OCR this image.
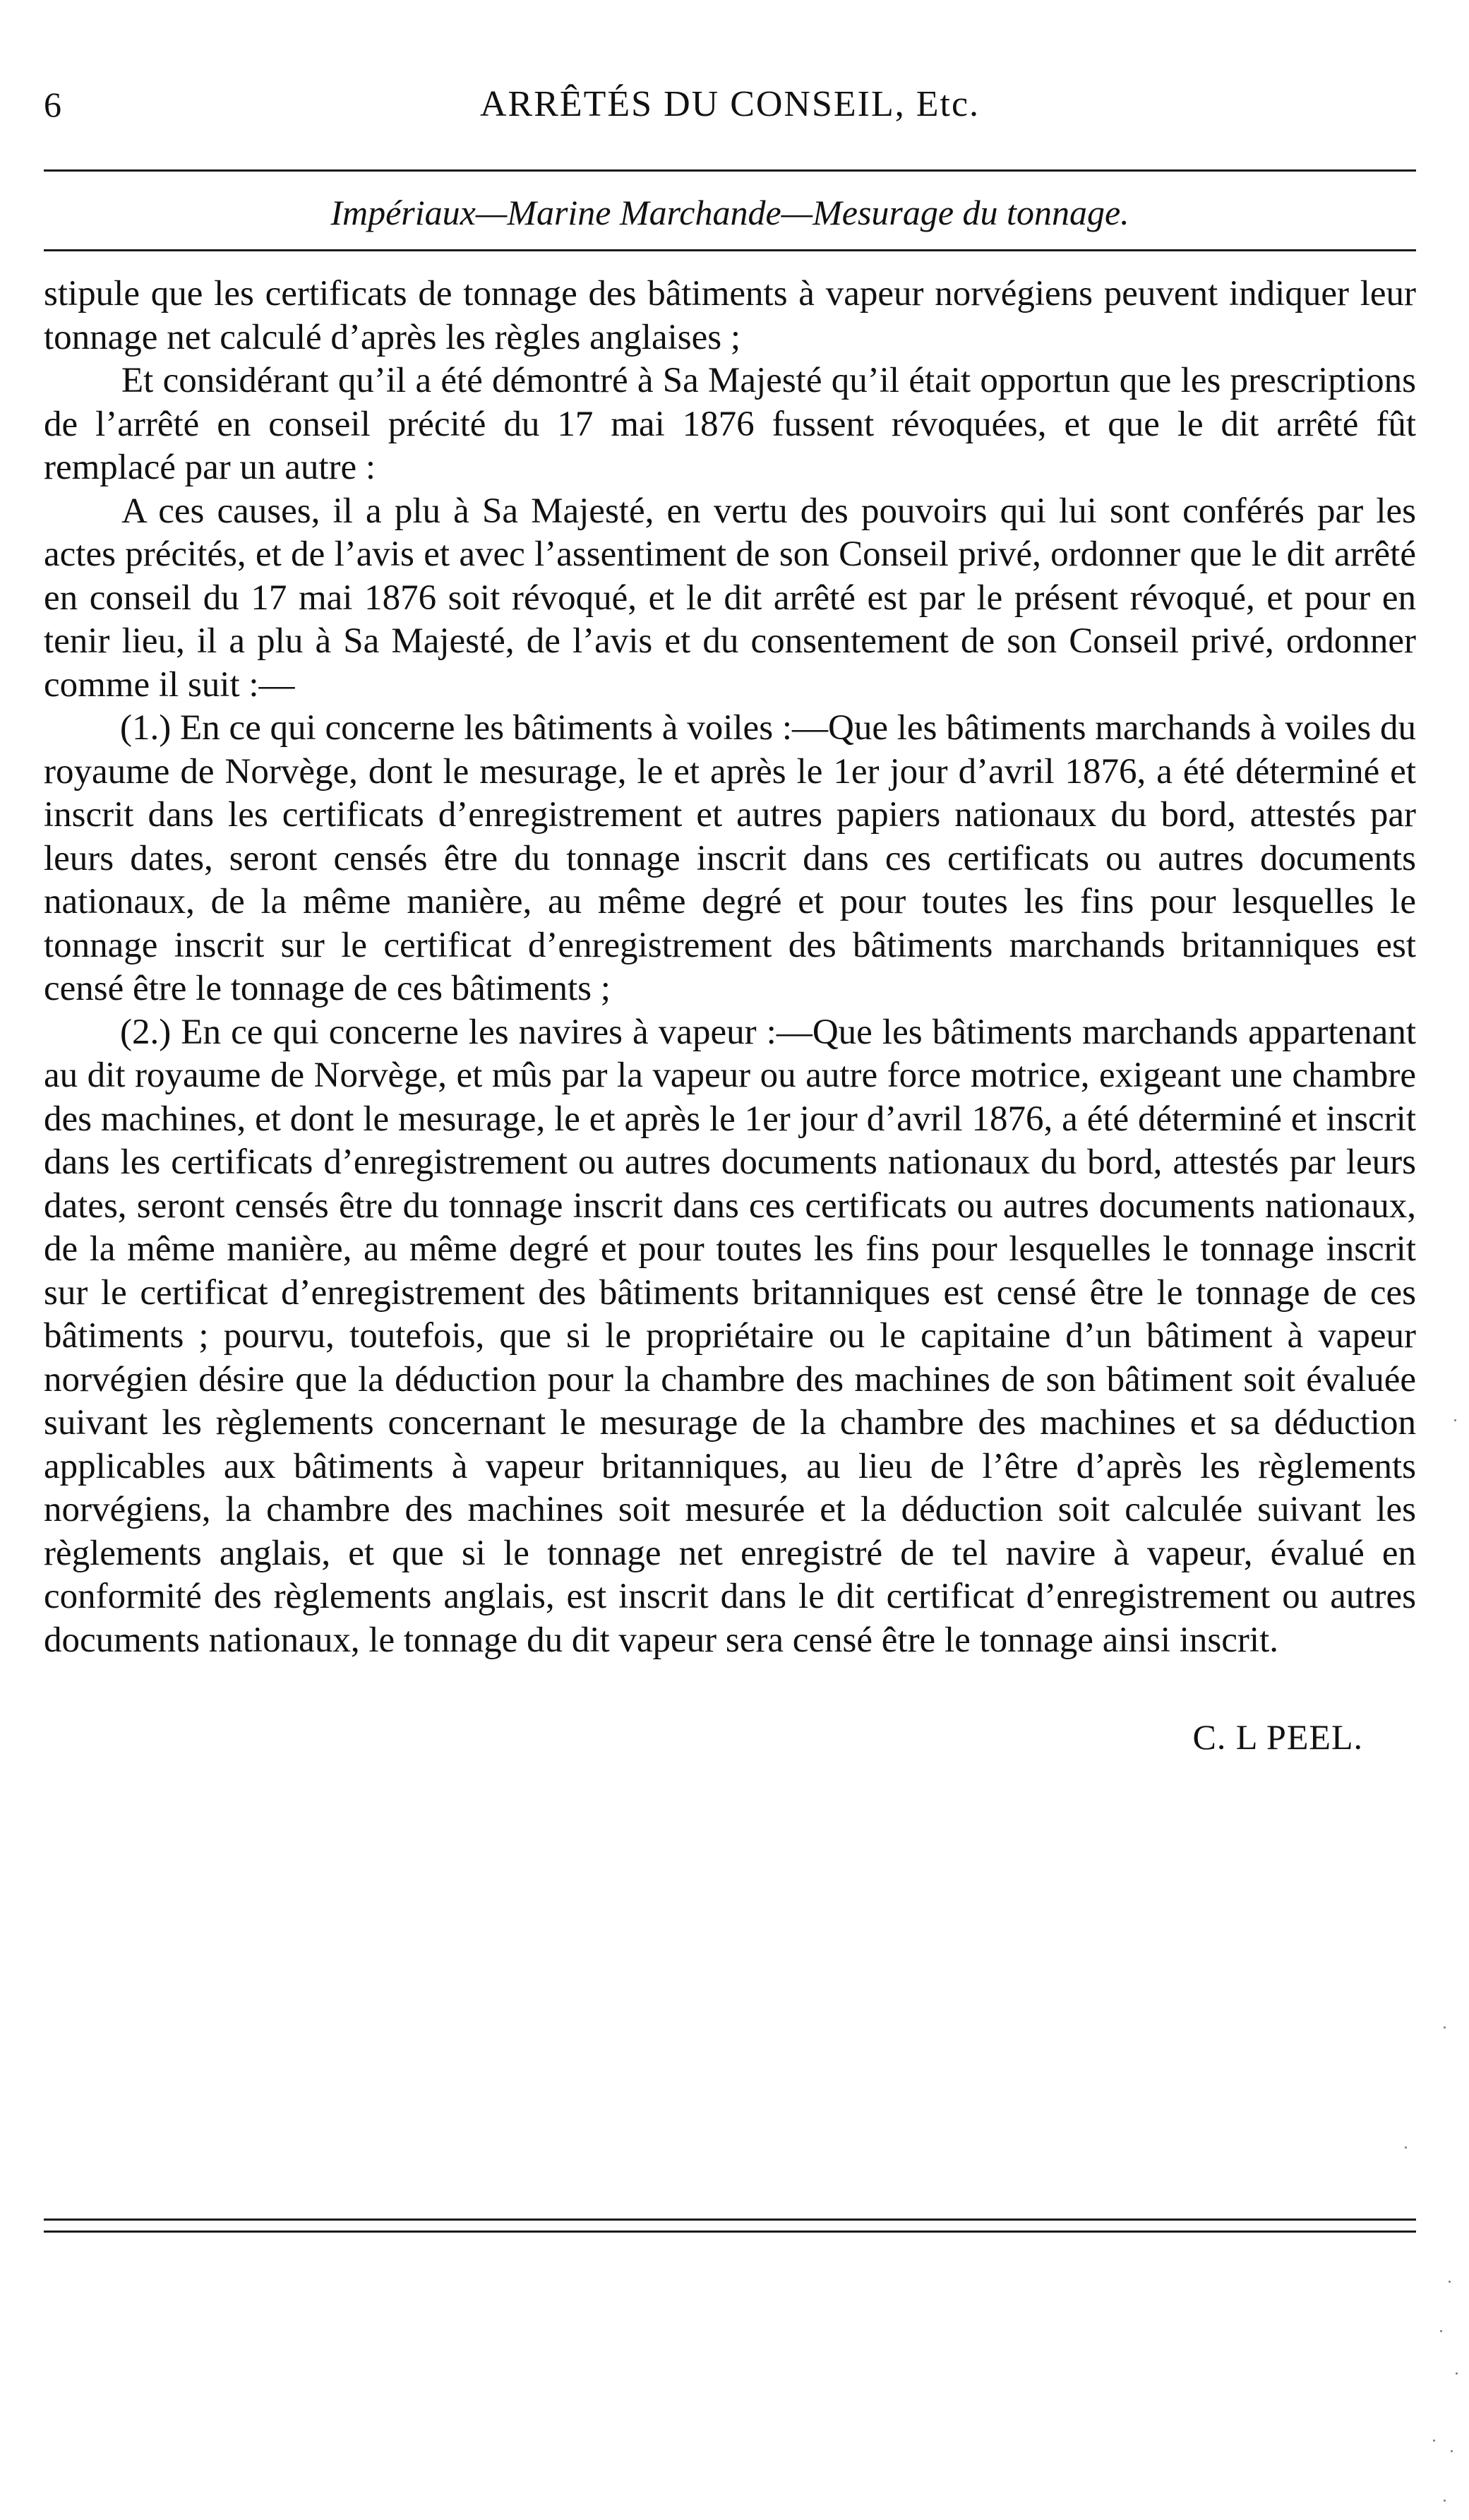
6	ARRÊTÉS DU CONSEIL, Etc.
Impériaux—Marine Marchande—Mesurage du tonnage.

stipule que les certificats de tonnage des bâtiments à vapeur norvégiens peuvent indiquer leur tonnage net calculé d’après les règles anglaises ;

Et considérant qu’il a été démontré à Sa Majesté qu’il était opportun que les prescriptions de l’arrêté en conseil précité du 17 mai 1876 fussent révoquées, et que le dit arrêté fût remplacé par un autre :

A ces causes, il a plu à Sa Majesté, en vertu des pouvoirs qui lui sont conférés par les actes précités, et de l’avis et avec l’assentiment de son Conseil privé, ordonner que le dit arrêté en conseil du 17 mai 1876 soit révoqué, et le dit arrêté est par le présent révoqué, et pour en tenir lieu, il a plu à Sa Majesté, de l’avis et du consentement de son Conseil privé, ordonner comme il suit :—

(1.) En ce qui concerne les bâtiments à voiles :—Que les bâtiments marchands à voiles du royaume de Norvège, dont le mesurage, le et après le 1er jour d’avril 1876, a été déterminé et inscrit dans les certificats d’enregistrement et autres papiers nationaux du bord, attestés par leurs dates, seront censés être du tonnage inscrit dans ces certificats ou autres documents nationaux, de la même manière, au même degré et pour toutes les fins pour lesquelles le tonnage inscrit sur le certificat d’enregistrement des bâtiments marchands britanniques est censé être le tonnage de ces bâtiments ;

(2.) En ce qui concerne les navires à vapeur :—Que les bâtiments marchands appartenant au dit royaume de Norvège, et mûs par la vapeur ou autre force motrice, exigeant une chambre des machines, et dont le mesurage, le et après le 1er jour d’avril 1876, a été déterminé et inscrit dans les certificats d’enregistrement ou autres documents nationaux du bord, attestés par leurs dates, seront censés être du tonnage inscrit dans ces certificats ou autres documents nationaux, de la même manière, au même degré et pour toutes les fins pour lesquelles le tonnage inscrit sur le certificat d’enregistrement des bâtiments britanniques est censé être le tonnage de ces bâtiments ; pourvu, toutefois, que si le propriétaire ou le capitaine d’un bâtiment à vapeur norvégien désire que la déduction pour la chambre des machines de son bâtiment soit évaluée suivant les règlements concernant le mesurage de la chambre des machines et sa déduction applicables aux bâtiments à vapeur britanniques, au lieu de l’être d’après les règlements norvégiens, la chambre des machines soit mesurée et la déduction soit calculée suivant les règlements anglais, et que si le tonnage net enregistré de tel navire à vapeur, évalué en conformité des règlements anglais, est inscrit dans le dit certificat d’enregistrement ou autres documents nationaux, le tonnage du dit vapeur sera censé être le tonnage ainsi inscrit.

C. L PEEL.
